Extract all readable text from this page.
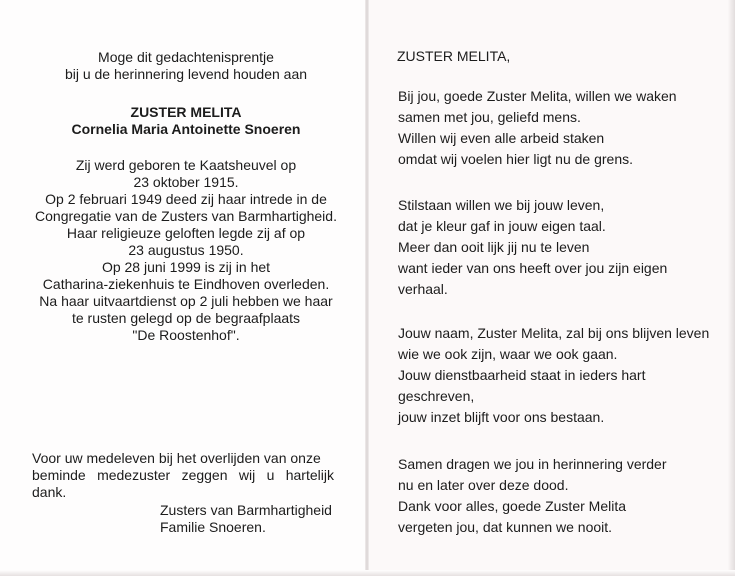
Moge dit gedachtenisprentje
bij u de herinnering levend houden aan
ZUSTER MELITA
Cornelia Maria Antoinette Snoeren
Zij werd geboren te Kaatsheuvel op
23 oktober 1915.
Op 2 februari 1949 deed zij haar intrede in de
Congregatie van de Zusters van Barmhartigheid.
Haar religieuze geloften legde zij af op
23 augustus 1950.
Op 28 juni 1999 is zij in het
Catharina-ziekenhuis te Eindhoven overleden.
Na haar uitvaartdienst op 2 juli hebben we haar
te rusten gelegd op de begraafplaats
"De Roostenhof".
Voor uw medeleven bij het overlijden van onze
beminde medezuster zeggen wij u hartelijk
dank.
Zusters van Barmhartigheid
Familie Snoeren.
ZUSTER MELITA,
Bij jou, goede Zuster Melita, willen we waken
samen met jou, geliefd mens.
Willen wij even alle arbeid staken
omdat wij voelen hier ligt nu de grens.
Stilstaan willen we bij jouw leven,
dat je kleur gaf in jouw eigen taal.
Meer dan ooit lijk jij nu te leven
want ieder van ons heeft over jou zijn eigen
verhaal.
Jouw naam, Zuster Melita, zal bij ons blijven leven
wie we ook zijn, waar we ook gaan.
Jouw dienstbaarheid staat in ieders hart
geschreven,
jouw inzet blijft voor ons bestaan.
Samen dragen we jou in herinnering verder
nu en later over deze dood.
Dank voor alles, goede Zuster Melita
vergeten jou, dat kunnen we nooit.
